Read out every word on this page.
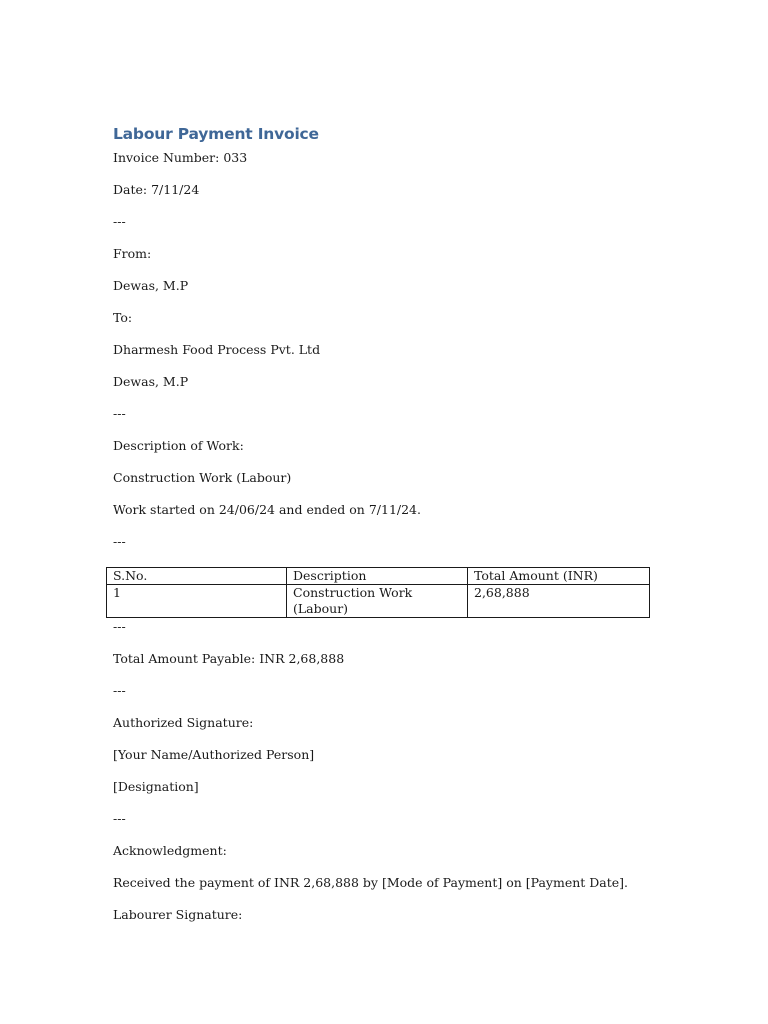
Labour Payment Invoice
Invoice Number: 033
Date: 7/11/24
---
From:
Dewas, M.P
To:
Dharmesh Food Process Pvt. Ltd
Dewas, M.P
---
Description of Work:
Construction Work (Labour)
Work started on 24/06/24 and ended on 7/11/24.
---
S.No.	Description	Total Amount (INR)
1	Construction Work (Labour)	2,68,888
---
Total Amount Payable: INR 2,68,888
---
Authorized Signature:
[Your Name/Authorized Person]
[Designation]
---
Acknowledgment:
Received the payment of INR 2,68,888 by [Mode of Payment] on [Payment Date].
Labourer Signature:
